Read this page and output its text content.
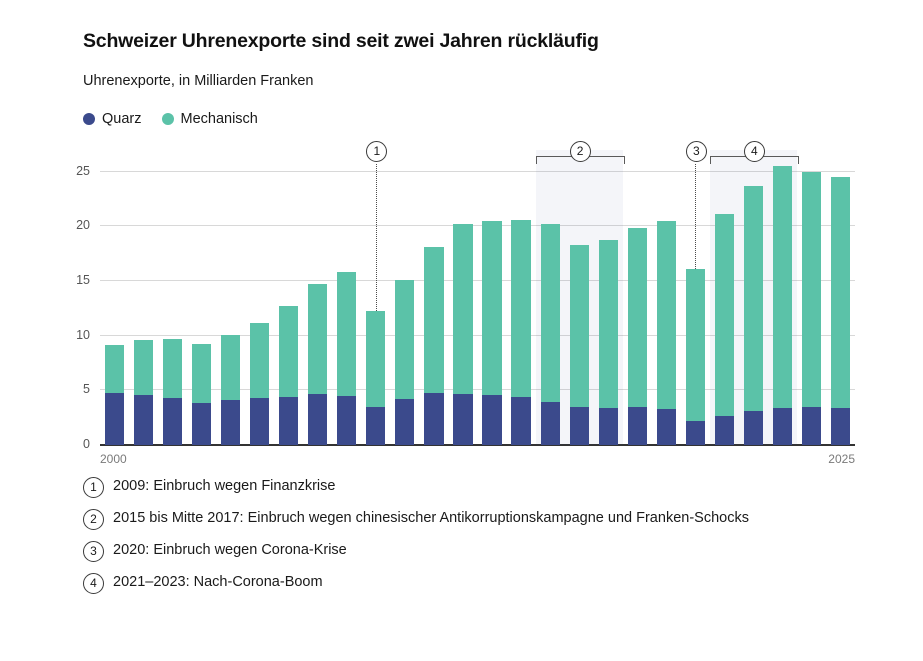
Schweizer Uhrenexporte sind seit zwei Jahren rückläufig
Uhrenexporte, in Milliarden Franken
Quarz	Mechanisch
2000	2025
0
5
10
15
20
25
1	2	3	4
1	2009: Einbruch wegen Finanzkrise
2	2015 bis Mitte 2017: Einbruch wegen chinesischer Antikorruptionskampagne und Franken-Schocks
3	2020: Einbruch wegen Corona-Krise
4	2021–2023: Nach-Corona-Boom
